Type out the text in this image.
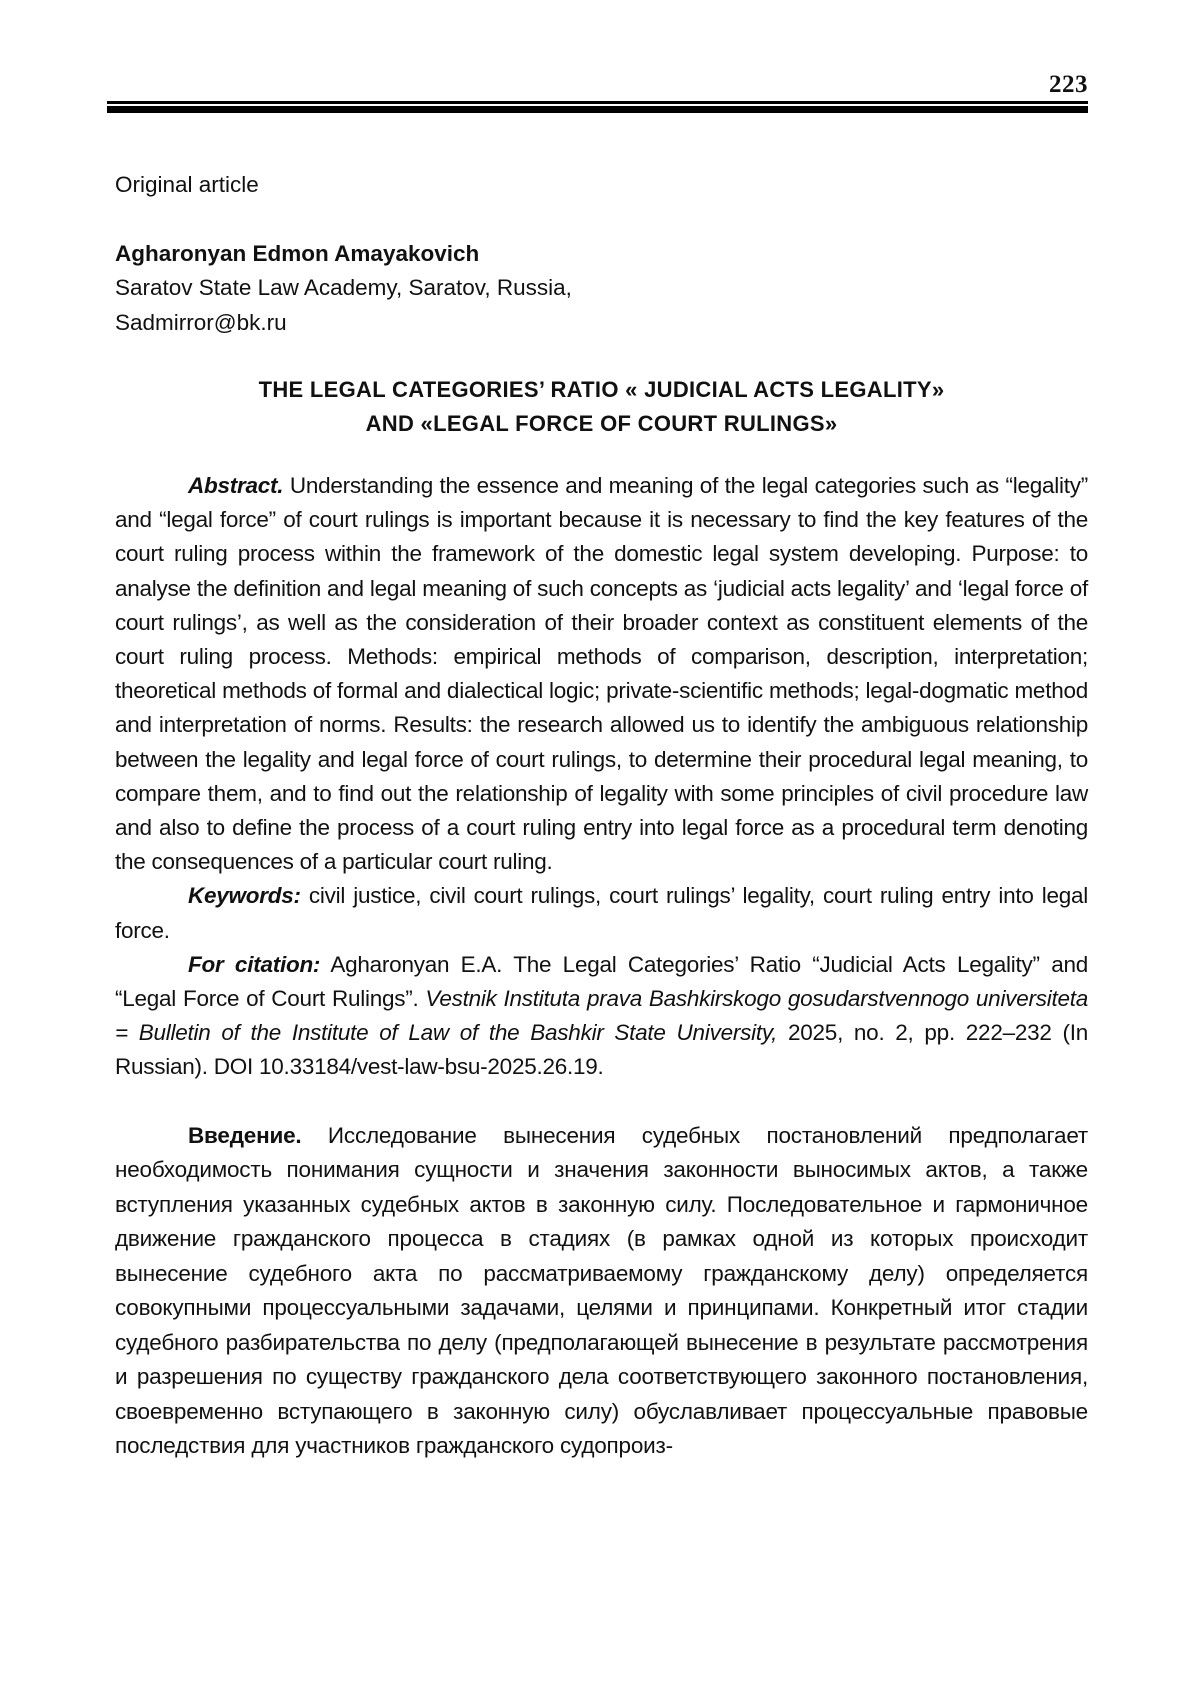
223

Original article

Agharonyan Edmon Amayakovich

Saratov State Law Academy, Saratov, Russia,

Sadmirror@bk.ru

THE LEGAL CATEGORIES’ RATIO « JUDICIAL ACTS LEGALITY»

AND «LEGAL FORCE OF COURT RULINGS»

Abstract. Understanding the essence and meaning of the legal categories such as “legality” and “legal force” of court rulings is important because it is necessary to find the key features of the court ruling process within the framework of the domestic legal system developing. Purpose: to analyse the definition and legal meaning of such concepts as ‘judicial acts legality’ and ‘legal force of court rulings’, as well as the consideration of their broader context as constituent elements of the court ruling process. Methods: empirical methods of comparison, description, interpretation; theoretical methods of formal and dialectical logic; private-scientific methods; legal-dogmatic method and interpretation of norms. Results: the research allowed us to identify the ambiguous relationship between the legality and legal force of court rulings, to determine their procedural legal meaning, to compare them, and to find out the relationship of legality with some principles of civil procedure law and also to define the process of a court ruling entry into legal force as a procedural term denoting the consequences of a particular court ruling.

Keywords: civil justice, civil court rulings, court rulings’ legality, court ruling entry into legal force.

For citation: Agharonyan E.A. The Legal Categories’ Ratio “Judicial Acts Legality” and “Legal Force of Court Rulings”. Vestnik Instituta prava Bashkirskogo gosudarstvennogo universiteta = Bulletin of the Institute of Law of the Bashkir State University, 2025, no. 2, pp. 222–232 (In Russian). DOI 10.33184/vest-law-bsu-2025.26.19.

Введение. Исследование вынесения судебных постановлений предполагает необходимость понимания сущности и значения законности выносимых актов, а также вступления указанных судебных актов в законную силу. Последовательное и гармоничное движение гражданского процесса в стадиях (в рамках одной из которых происходит вынесение судебного акта по рассматриваемому гражданскому делу) определяется совокупными процессуальными задачами, целями и принципами. Конкретный итог стадии судебного разбирательства по делу (предполагающей вынесение в результате рассмотрения и разрешения по существу гражданского дела соответствующего законного постановления, своевременно вступающего в законную силу) обуславливает процессуальные правовые последствия для участников гражданского судопроиз-
